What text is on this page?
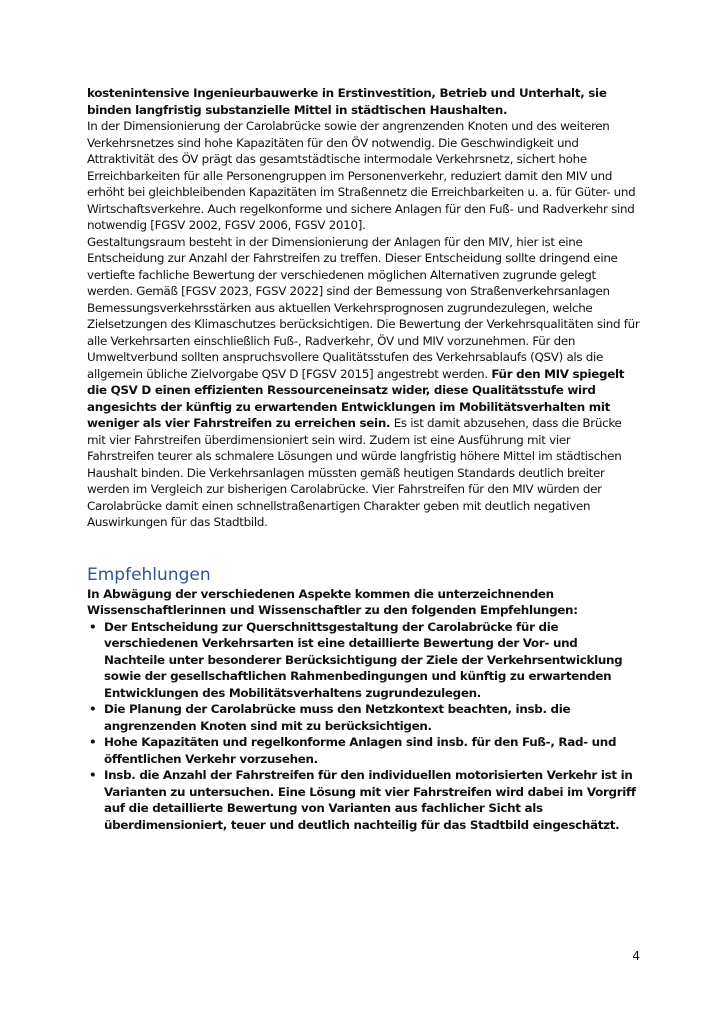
kostenintensive Ingenieurbauwerke in Erstinvestition, Betrieb und Unterhalt, sie binden langfristig substanzielle Mittel in städtischen Haushalten.

In der Dimensionierung der Carolabrücke sowie der angrenzenden Knoten und des weiteren Verkehrsnetzes sind hohe Kapazitäten für den ÖV notwendig. Die Geschwindigkeit und Attraktivität des ÖV prägt das gesamtstädtische intermodale Verkehrsnetz, sichert hohe Erreichbarkeiten für alle Personengruppen im Personenverkehr, reduziert damit den MIV und erhöht bei gleichbleibenden Kapazitäten im Straßennetz die Erreichbarkeiten u. a. für Güter- und Wirtschaftsverkehre. Auch regelkonforme und sichere Anlagen für den Fuß- und Radverkehr sind notwendig [FGSV 2002, FGSV 2006, FGSV 2010].

Gestaltungsraum besteht in der Dimensionierung der Anlagen für den MIV, hier ist eine Entscheidung zur Anzahl der Fahrstreifen zu treffen. Dieser Entscheidung sollte dringend eine vertiefte fachliche Bewertung der verschiedenen möglichen Alternativen zugrunde gelegt werden. Gemäß [FGSV 2023, FGSV 2022] sind der Bemessung von Straßenverkehrsanlagen Bemessungsverkehrsstärken aus aktuellen Verkehrsprognosen zugrundezulegen, welche Zielsetzungen des Klimaschutzes berücksichtigen. Die Bewertung der Verkehrsqualitäten sind für alle Verkehrsarten einschließlich Fuß-, Radverkehr, ÖV und MIV vorzunehmen. Für den Umweltverbund sollten anspruchsvollere Qualitätsstufen des Verkehrsablaufs (QSV) als die allgemein übliche Zielvorgabe QSV D [FGSV 2015] angestrebt werden. Für den MIV spiegelt die QSV D einen effizienten Ressourceneinsatz wider, diese Qualitätsstufe wird angesichts der künftig zu erwartenden Entwicklungen im Mobilitätsverhalten mit weniger als vier Fahrstreifen zu erreichen sein. Es ist damit abzusehen, dass die Brücke mit vier Fahrstreifen überdimensioniert sein wird. Zudem ist eine Ausführung mit vier Fahrstreifen teurer als schmalere Lösungen und würde langfristig höhere Mittel im städtischen Haushalt binden. Die Verkehrsanlagen müssten gemäß heutigen Standards deutlich breiter werden im Vergleich zur bisherigen Carolabrücke. Vier Fahrstreifen für den MIV würden der Carolabrücke damit einen schnellstraßenartigen Charakter geben mit deutlich negativen Auswirkungen für das Stadtbild.

Empfehlungen

In Abwägung der verschiedenen Aspekte kommen die unterzeichnenden Wissenschaftlerinnen und Wissenschaftler zu den folgenden Empfehlungen:

• Der Entscheidung zur Querschnittsgestaltung der Carolabrücke für die verschiedenen Verkehrsarten ist eine detaillierte Bewertung der Vor- und Nachteile unter besonderer Berücksichtigung der Ziele der Verkehrsentwicklung sowie der gesellschaftlichen Rahmenbedingungen und künftig zu erwartenden Entwicklungen des Mobilitätsverhaltens zugrundezulegen.
• Die Planung der Carolabrücke muss den Netzkontext beachten, insb. die angrenzenden Knoten sind mit zu berücksichtigen.
• Hohe Kapazitäten und regelkonforme Anlagen sind insb. für den Fuß-, Rad- und öffentlichen Verkehr vorzusehen.
• Insb. die Anzahl der Fahrstreifen für den individuellen motorisierten Verkehr ist in Varianten zu untersuchen. Eine Lösung mit vier Fahrstreifen wird dabei im Vorgriff auf die detaillierte Bewertung von Varianten aus fachlicher Sicht als überdimensioniert, teuer und deutlich nachteilig für das Stadtbild eingeschätzt.
4
